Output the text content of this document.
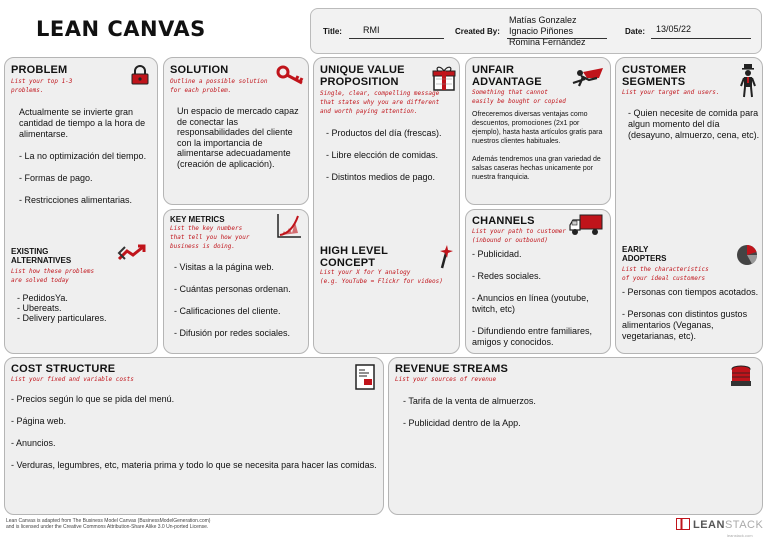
LEAN CANVAS	Title: RMI	Created By:
Matías Gonzalez
Ignacio Piñones
Romina Fernández
Date: 13/05/22
PROBLEM
List your top 1-3
problems.

Actualmente se invierte gran cantidad de tiempo a la hora de alimentarse.

- La no optimización del tiempo.

- Formas de pago.

- Restricciones alimentarias.

EXISTING
ALTERNATIVES
List how these problems
are solved today
- PedidosYa.
- Ubereats.
- Delivery particulares.
SOLUTION
Outline a possible solution
for each problem.
Un espacio de mercado capaz de conectar las responsabilidades del cliente con la importancia de alimentarse adecuadamente (creación de aplicación).
KEY METRICS
List the key numbers
that tell you how your
business is doing.

- Visitas a la página web.

- Cuántas personas ordenan.

- Calificaciones del cliente.

- Difusión por redes sociales.

UNIQUE VALUE
PROPOSITION
Single, clear, compelling message
that states why you are different
and worth paying attention.

- Productos del día (frescas).

- Libre elección de comidas.

- Distintos medios de pago.

HIGH LEVEL
CONCEPT
List your X for Y analogy
(e.g. YouTube = Flickr for videos)
UNFAIR
ADVANTAGE
Something that cannot
easily be bought or copied
Ofreceremos diversas ventajas como descuentos, promociones (2x1 por ejemplo), hasta hasta artículos gratis para nuestros clientes habituales.
Además tendremos una gran variedad de salsas caseras hechas unicamente por nuestra franquicia.
CHANNELS
List your path to customer
(inbound or outbound)

- Publicidad.

- Redes sociales.

- Anuncios en línea (youtube, twitch, etc)

- Difundiendo entre familiares, amigos y conocidos.

CUSTOMER
SEGMENTS
List your target and users.

- Quien necesite de comida para algun momento del día (desayuno, almuerzo, cena, etc).

EARLY
ADOPTERS
List the characteristics
of your ideal customers

- Personas con tiempos acotados.

- Personas con distintos gustos alimentarios (Veganas, vegetarianas, etc).

COST STRUCTURE
List your fixed and variable costs

- Precios según lo que se pida del menú.

- Página web.

- Anuncios.

- Verduras, legumbres, etc, materia prima y todo lo que se necesita para hacer las comidas.

REVENUE STREAMS
List your sources of revenue

- Tarifa de la venta de almuerzos.

- Publicidad dentro de la App.

Lean Canvas is adapted from The Business Model Canvas (BusinessModelGeneration.com)
and is licensed under the Creative Commons Attribution-Share Alike 3.0 Un-ported License.	LEANSTACK
leanstack.com
